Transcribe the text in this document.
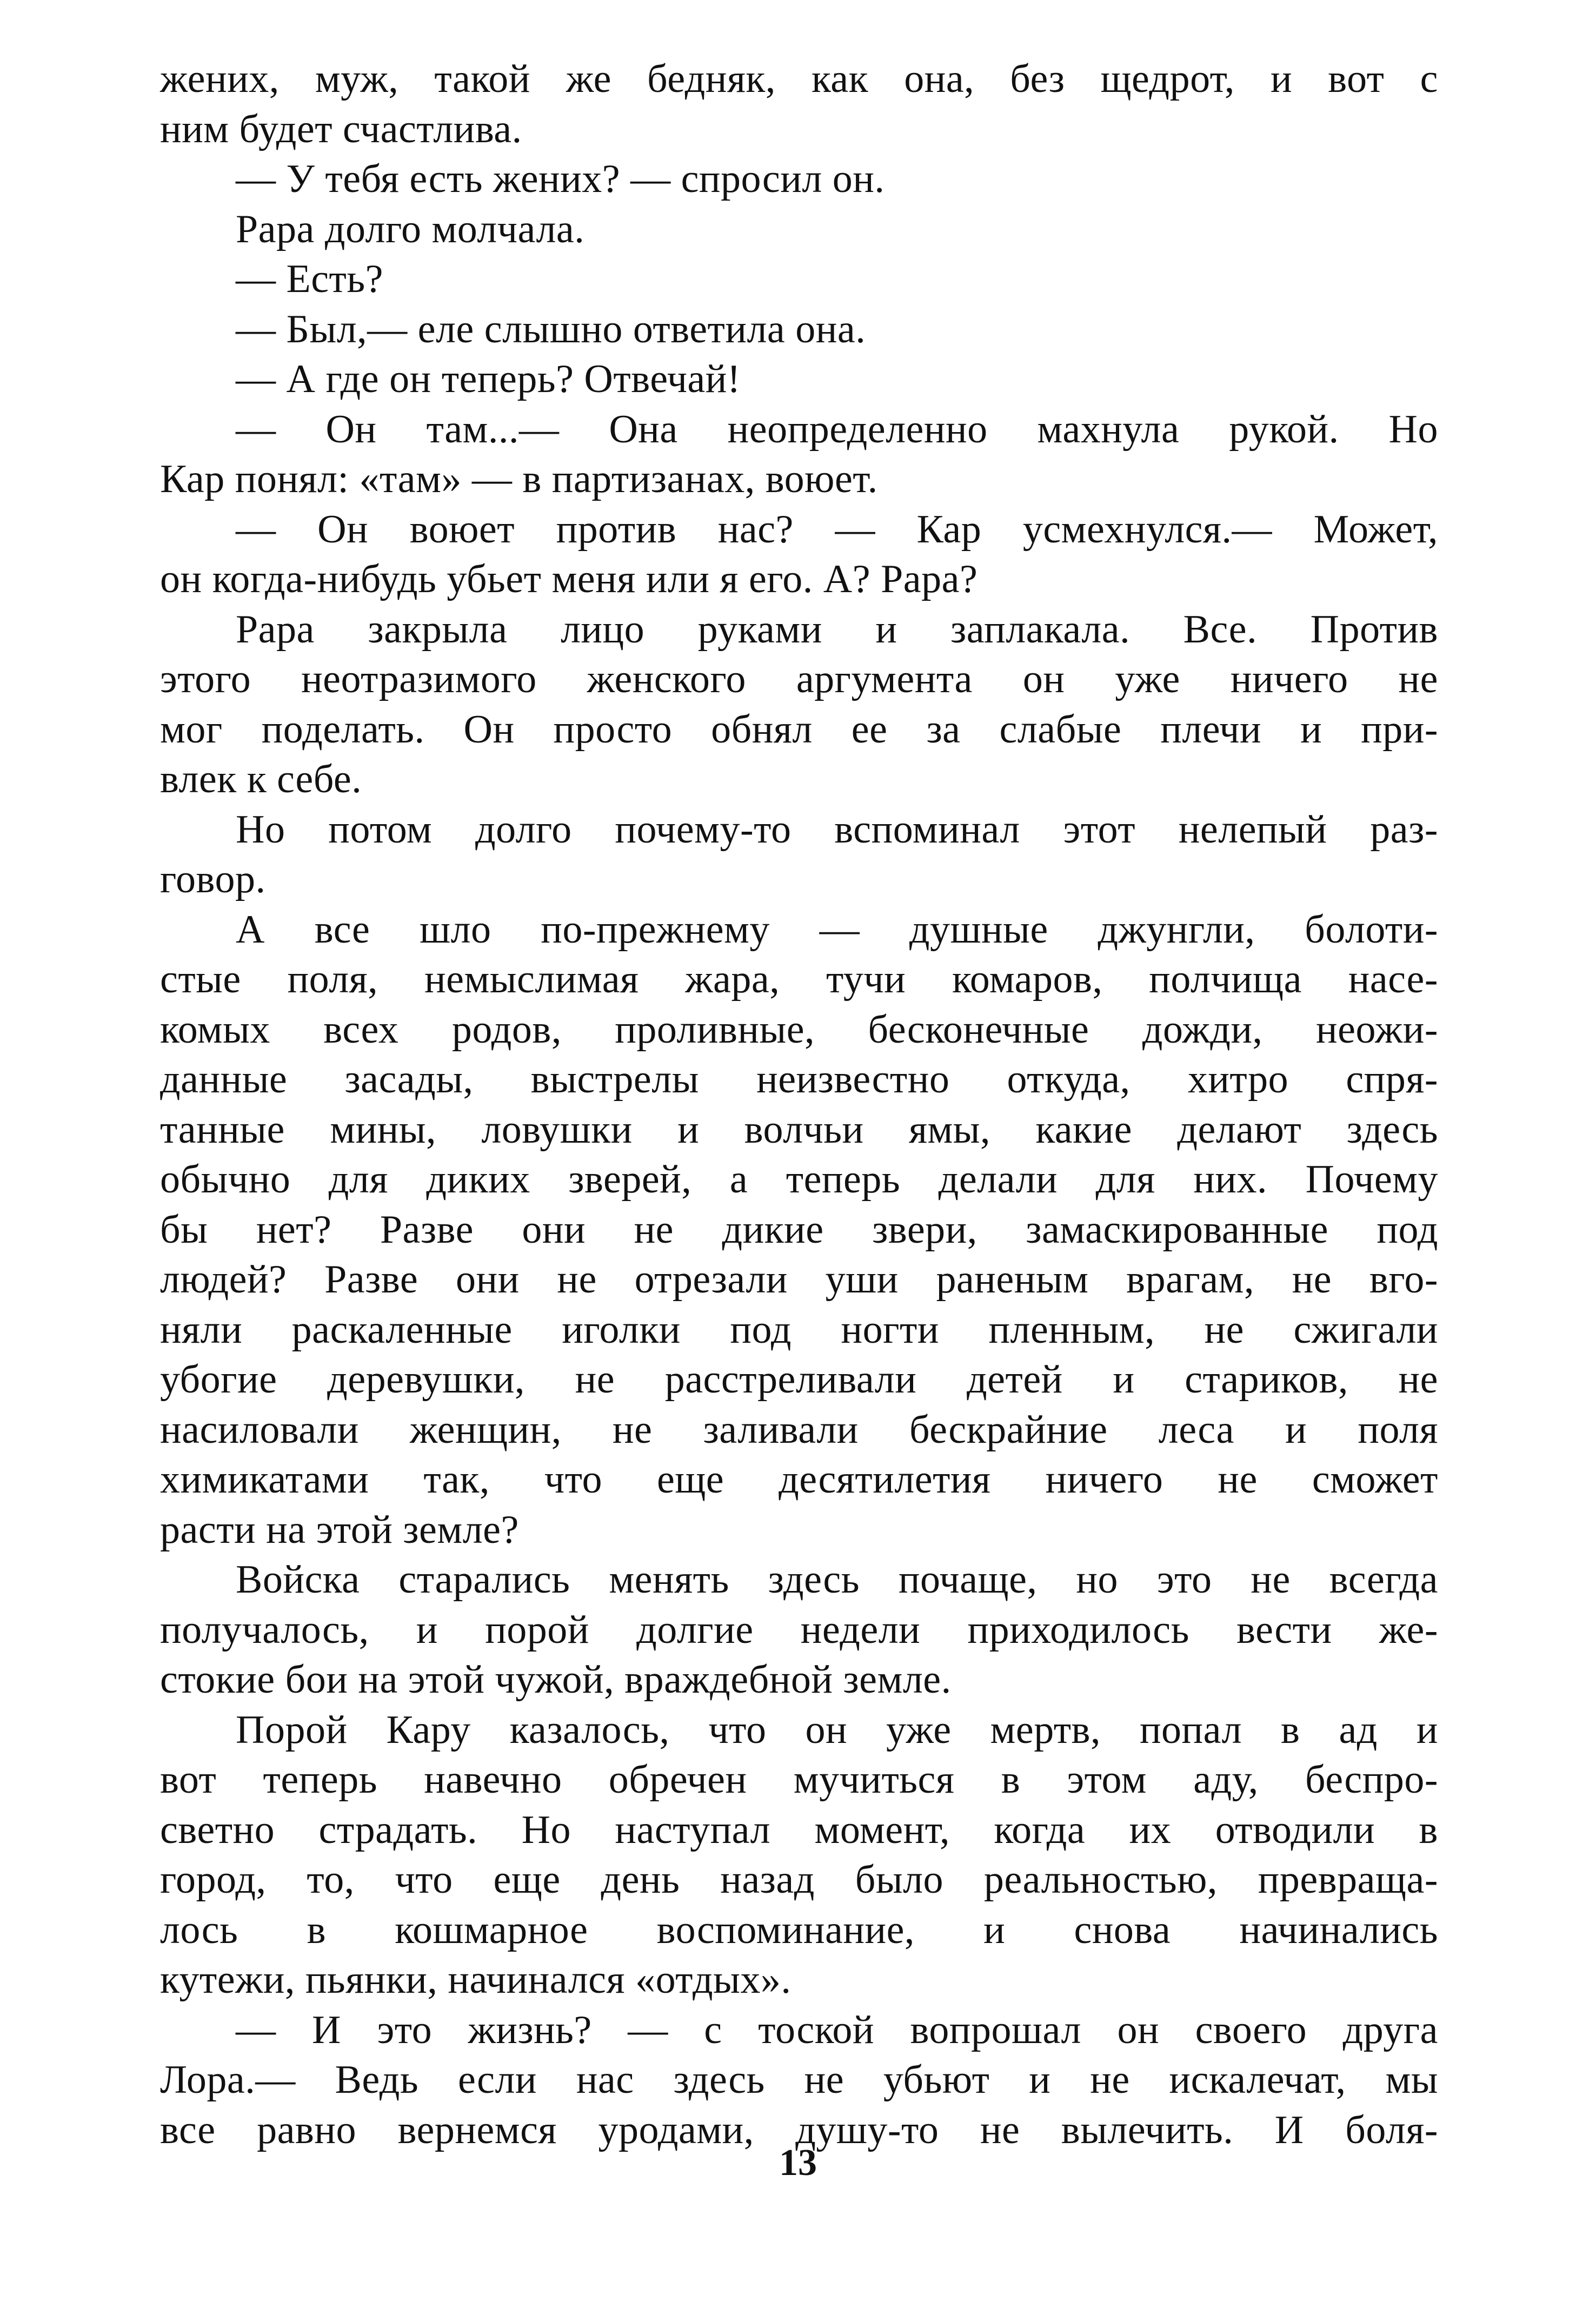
жених, муж, такой же бедняк, как она, без щедрот, и вот с
ним будет счастлива.
— У тебя есть жених? — спросил он.
Рара долго молчала.
— Есть?
— Был,— еле слышно ответила она.
— А где он теперь? Отвечай!
— Он там...— Она неопределенно махнула рукой. Но
Кар понял: «там» — в партизанах, воюет.
— Он воюет против нас? — Кар усмехнулся.— Может,
он когда-нибудь убьет меня или я его. А? Рара?
Рара закрыла лицо руками и заплакала. Все. Против
этого неотразимого женского аргумента он уже ничего не
мог поделать. Он просто обнял ее за слабые плечи и при-
влек к себе.
Но потом долго почему-то вспоминал этот нелепый раз-
говор.
А все шло по-прежнему — душные джунгли, болоти-
стые поля, немыслимая жара, тучи комаров, полчища насе-
комых всех родов, проливные, бесконечные дожди, неожи-
данные засады, выстрелы неизвестно откуда, хитро спря-
танные мины, ловушки и волчьи ямы, какие делают здесь
обычно для диких зверей, а теперь делали для них. Почему
бы нет? Разве они не дикие звери, замаскированные под
людей? Разве они не отрезали уши раненым врагам, не вго-
няли раскаленные иголки под ногти пленным, не сжигали
убогие деревушки, не расстреливали детей и стариков, не
насиловали женщин, не заливали бескрайние леса и поля
химикатами так, что еще десятилетия ничего не сможет
расти на этой земле?
Войска старались менять здесь почаще, но это не всегда
получалось, и порой долгие недели приходилось вести же-
стокие бои на этой чужой, враждебной земле.
Порой Кару казалось, что он уже мертв, попал в ад и
вот теперь навечно обречен мучиться в этом аду, беспро-
светно страдать. Но наступал момент, когда их отводили в
город, то, что еще день назад было реальностью, превраща-
лось в кошмарное воспоминание, и снова начинались
кутежи, пьянки, начинался «отдых».
— И это жизнь? — с тоской вопрошал он своего друга
Лора.— Ведь если нас здесь не убьют и не искалечат, мы
все равно вернемся уродами, душу-то не вылечить. И боля-
13
